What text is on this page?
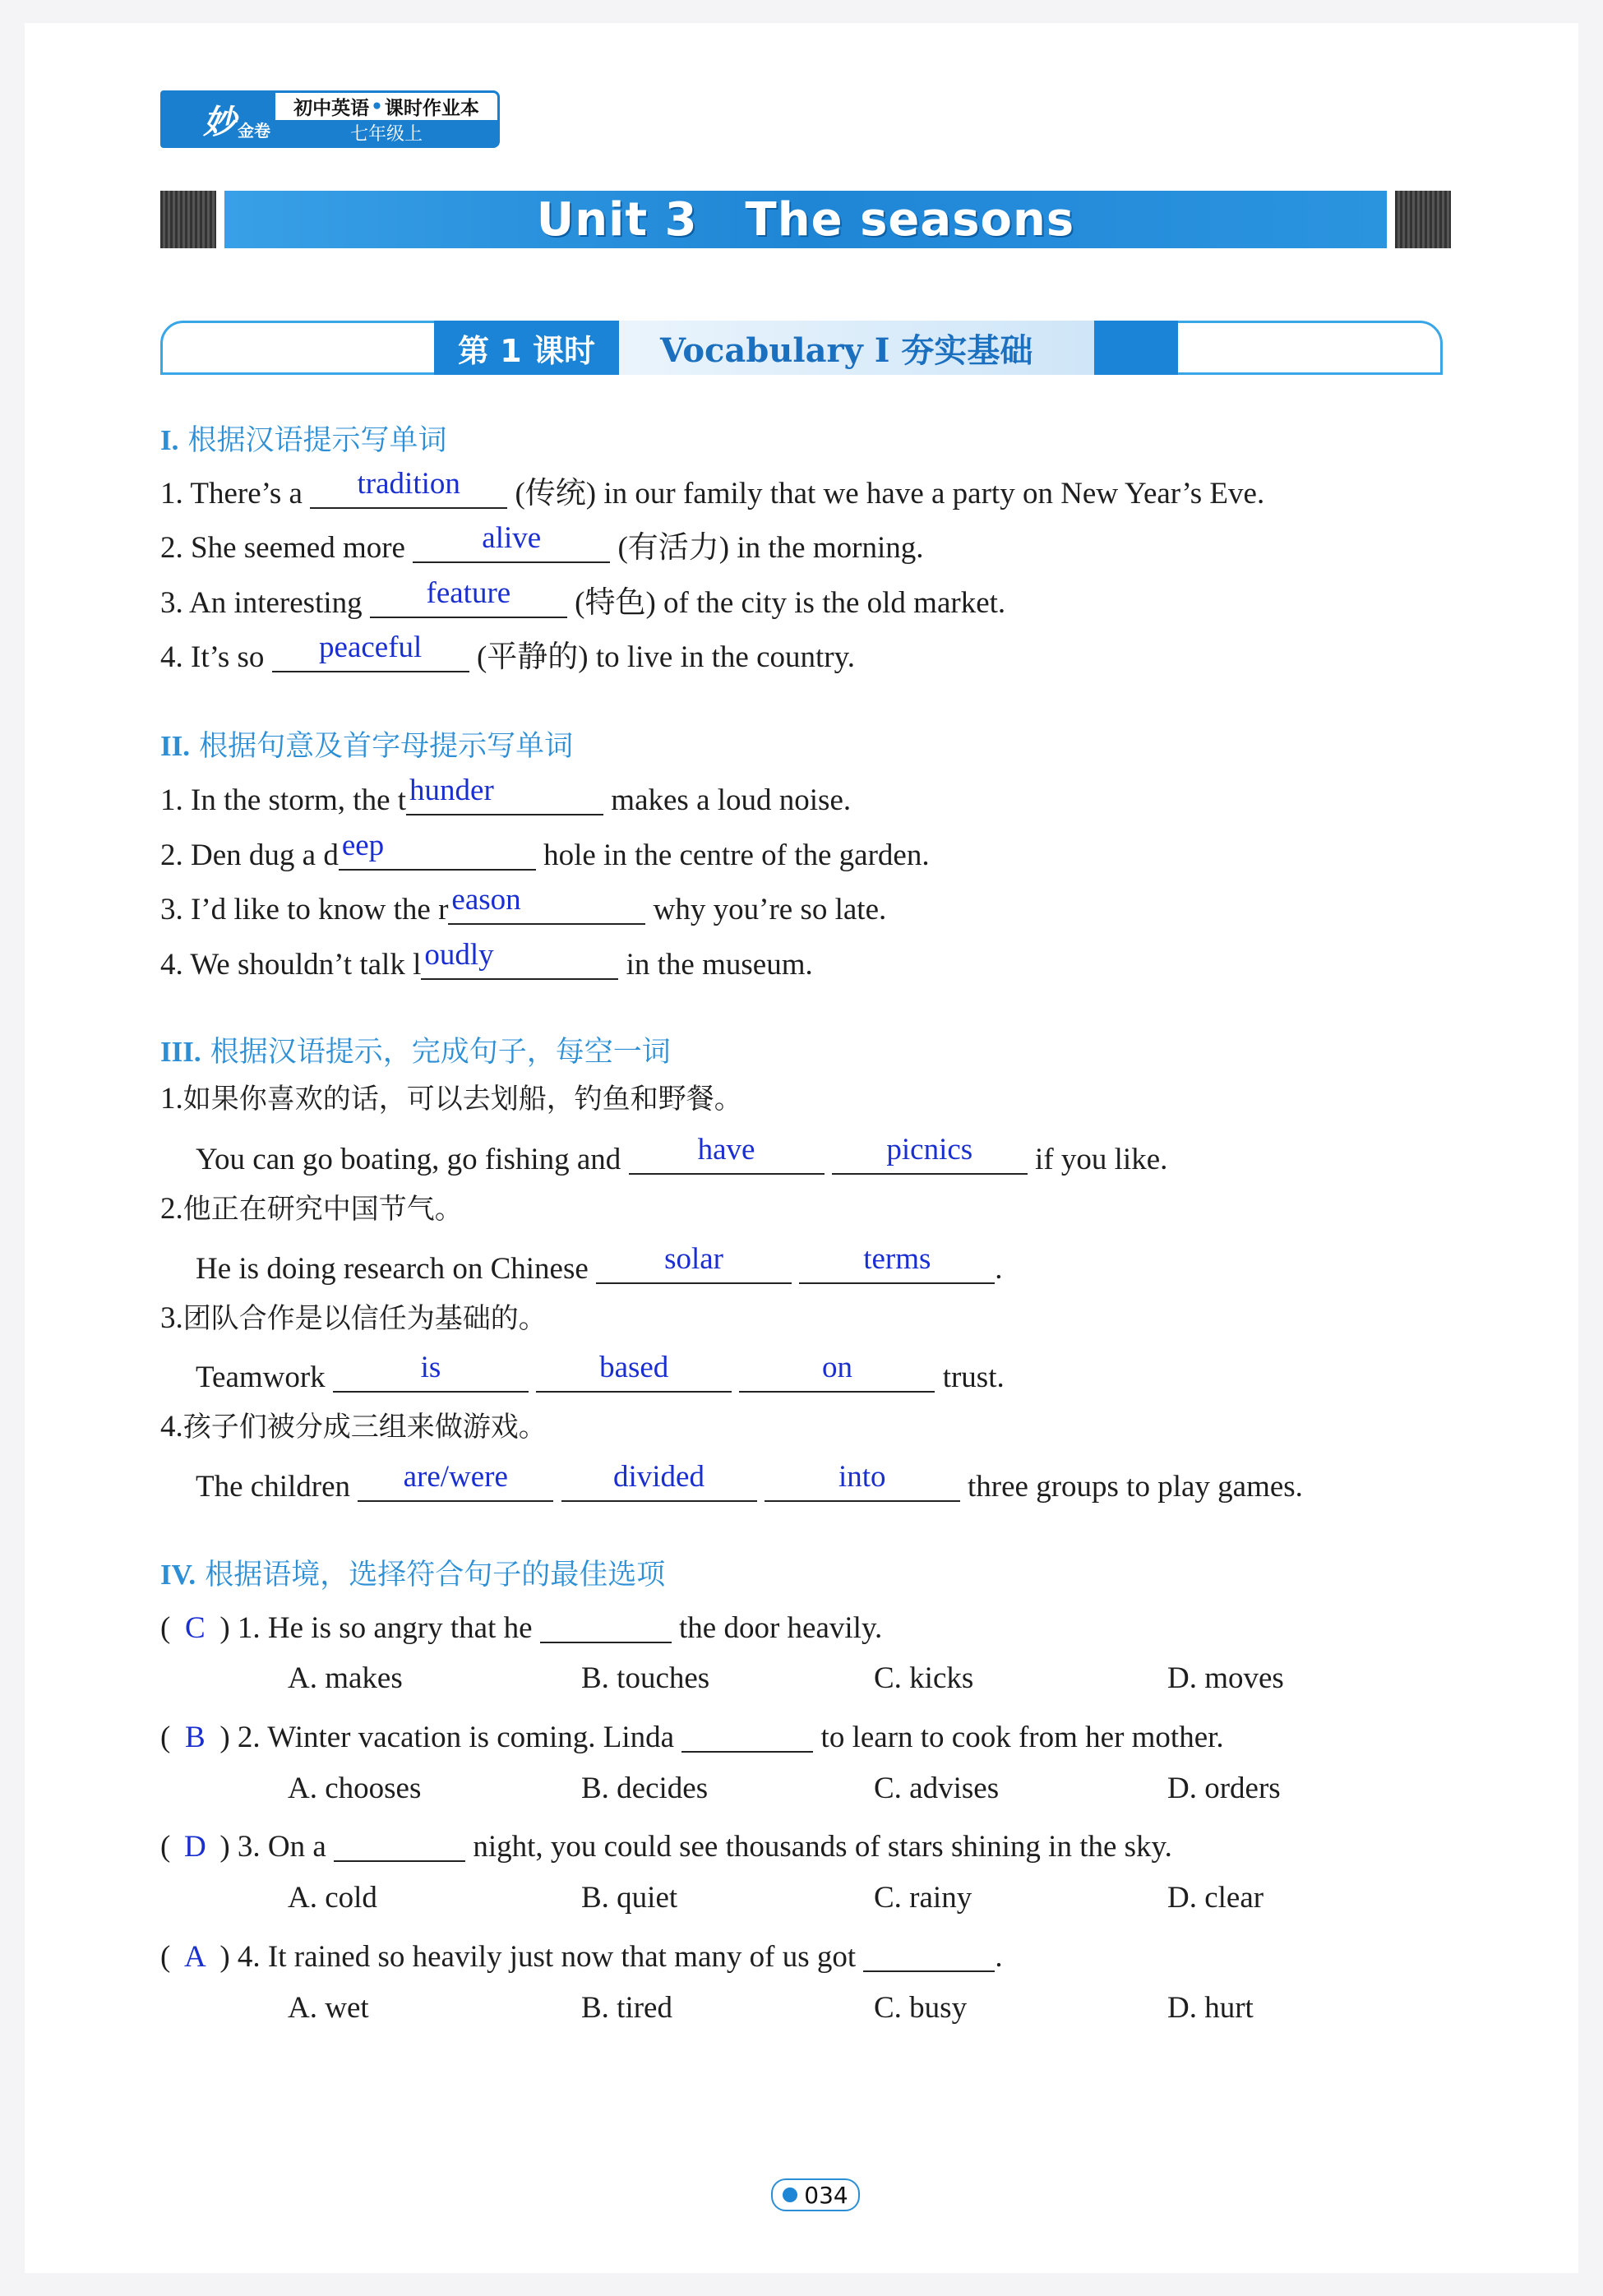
妙 金卷
初中英语 • 课时作业本
七年级上
Unit 3 The seasons
第 1 课时	Vocabulary I 夯实基础
I. 根据汉语提示写单词
1. There’s a	tradition	(传统) in our family that we have a party on New Year’s Eve.
2. She seemed more	alive	(有活力) in the morning.
3. An interesting	feature	(特色) of the city is the old market.
4. It’s so	peaceful	(平静的) to live in the country.
II. 根据句意及首字母提示写单词
1. In the storm, the t hunder	makes a loud noise.
2. Den dug a d eep	hole in the centre of the garden.
3. I’d like to know the r eason	why you’re so late.
4. We shouldn’t talk l oudly	in the museum.
III. 根据汉语提示，完成句子，每空一词
1.如果你喜欢的话，可以去划船，钓鱼和野餐。
You can go boating, go fishing and	have
	picnics	if you like.
2.他正在研究中国节气。
He is doing research on Chinese	solar
	terms	.
3.团队合作是以信任为基础的。
Teamwork	is
	based
	on	trust.
4.孩子们被分成三组来做游戏。
The children	are/were
	divided
	into	three groups to play games.
IV. 根据语境，选择符合句子的最佳选项
( C ) 1. He is so angry that he	the door heavily.
A. makes	B. touches	C. kicks	D. moves
( B ) 2. Winter vacation is coming. Linda	to learn to cook from her mother.
A. chooses	B. decides	C. advises	D. orders
( D ) 3. On a	night, you could see thousands of stars shining in the sky.
A. cold	B. quiet	C. rainy	D. clear
( A ) 4. It rained so heavily just now that many of us got	.
A. wet	B. tired	C. busy	D. hurt
034
